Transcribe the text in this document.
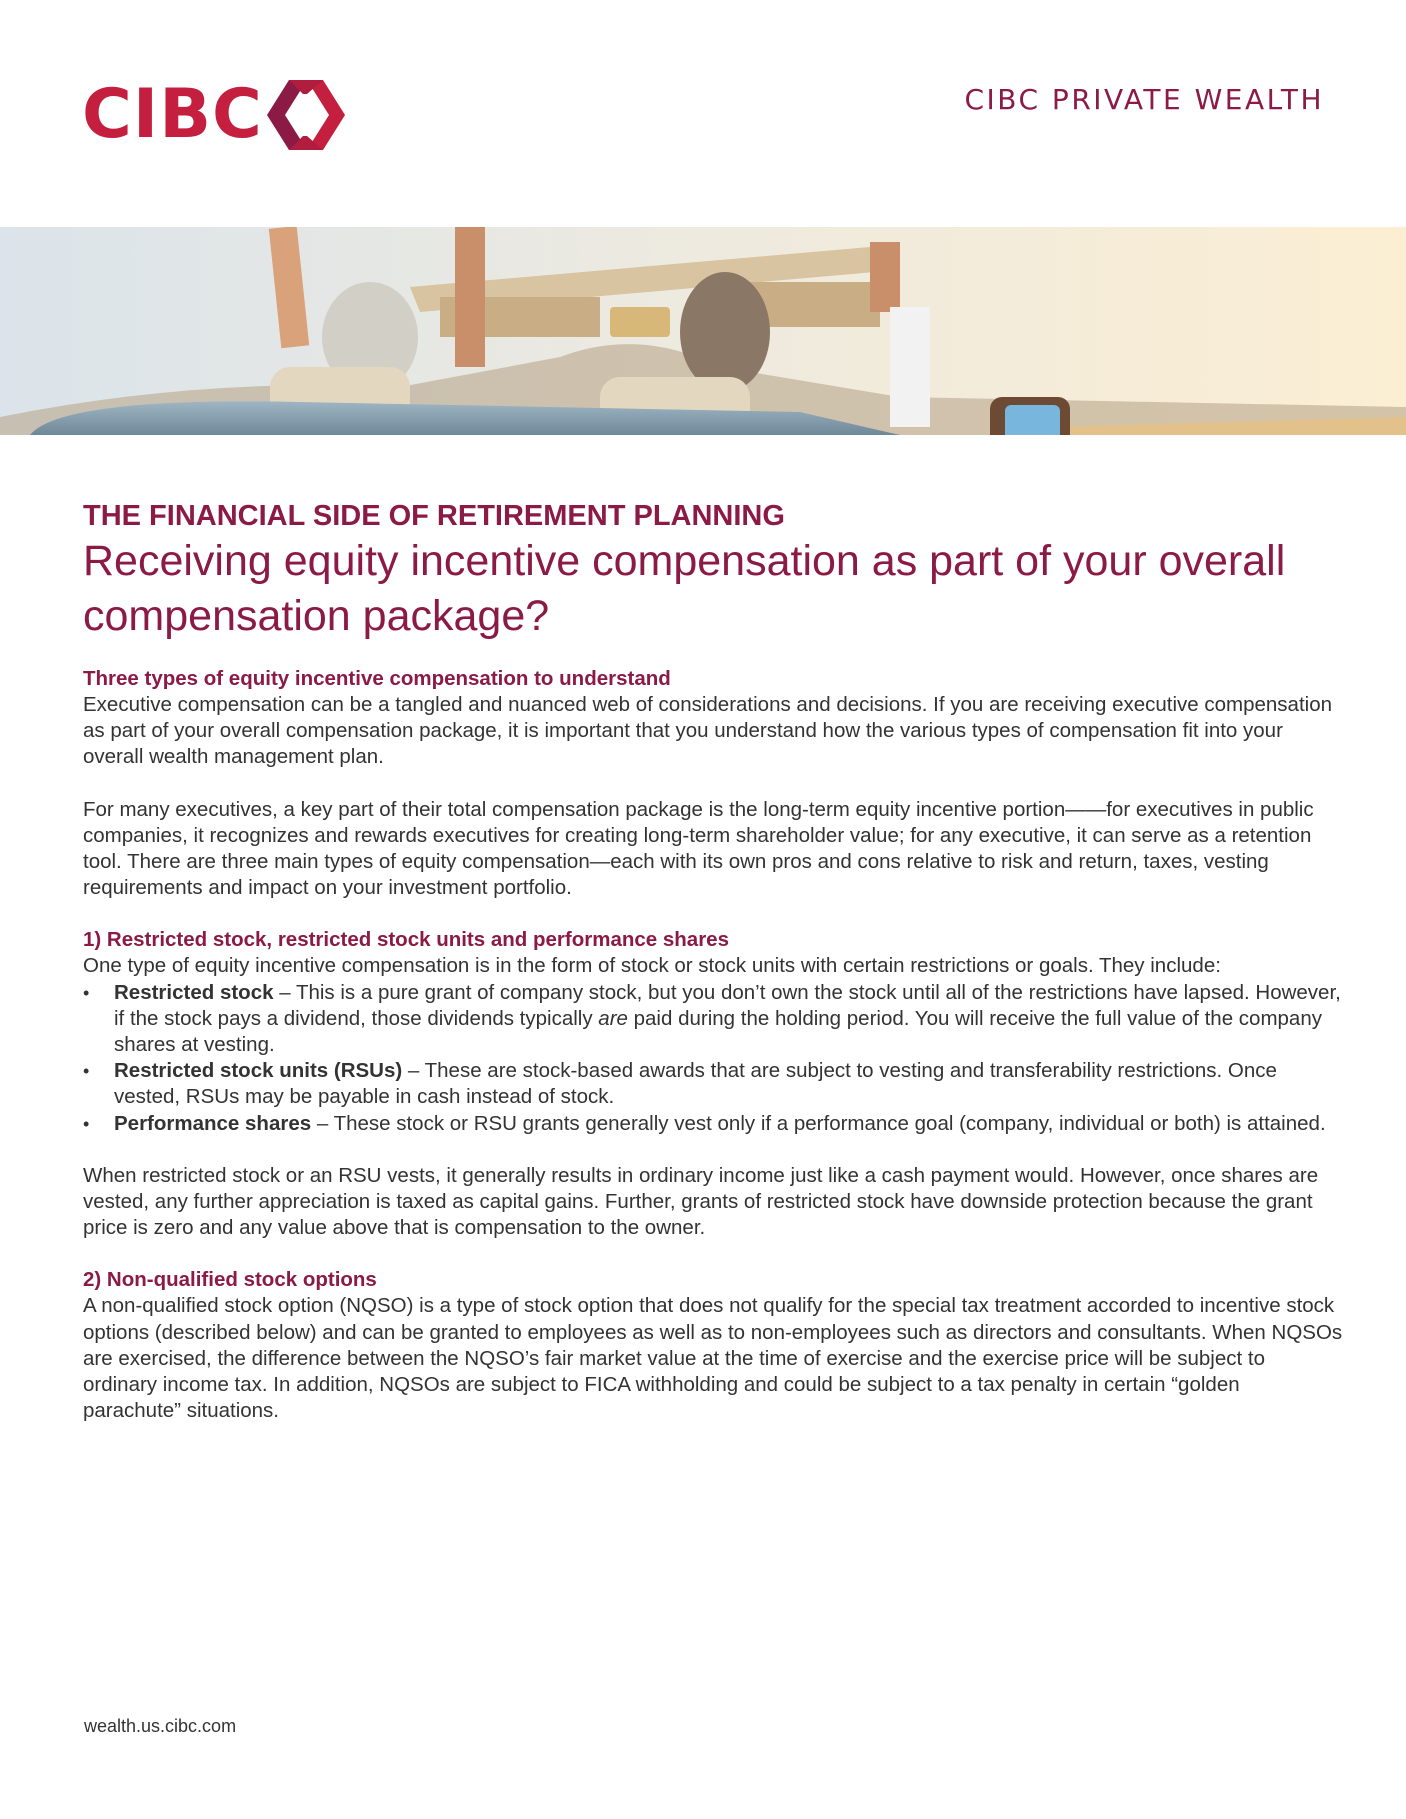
CIBC	CIBC PRIVATE WEALTH
THE FINANCIAL SIDE OF RETIREMENT PLANNING
Receiving equity incentive compensation as part of your overall compensation package?
Three types of equity incentive compensation to understand

Executive compensation can be a tangled and nuanced web of considerations and decisions. If you are receiving executive compensation as part of your overall compensation package, it is important that you understand how the various types of compensation fit into your overall wealth management plan.

For many executives, a key part of their total compensation package is the long-term equity incentive portion——for executives in public companies, it recognizes and rewards executives for creating long-term shareholder value; for any executive, it can serve as a retention tool. There are three main types of equity compensation—each with its own pros and cons relative to risk and return, taxes, vesting requirements and impact on your investment portfolio.

1) Restricted stock, restricted stock units and performance shares

One type of equity incentive compensation is in the form of stock or stock units with certain restrictions or goals. They include:

• Restricted stock – This is a pure grant of company stock, but you don’t own the stock until all of the restrictions have lapsed. However, if the stock pays a dividend, those dividends typically are paid during the holding period. You will receive the full value of the company shares at vesting.
• Restricted stock units (RSUs) – These are stock-based awards that are subject to vesting and transferability restrictions. Once vested, RSUs may be payable in cash instead of stock.
• Performance shares – These stock or RSU grants generally vest only if a performance goal (company, individual or both) is attained.

When restricted stock or an RSU vests, it generally results in ordinary income just like a cash payment would. However, once shares are vested, any further appreciation is taxed as capital gains. Further, grants of restricted stock have downside protection because the grant price is zero and any value above that is compensation to the owner.

2) Non-qualified stock options

A non-qualified stock option (NQSO) is a type of stock option that does not qualify for the special tax treatment accorded to incentive stock options (described below) and can be granted to employees as well as to non-employees such as directors and consultants. When NQSOs are exercised, the difference between the NQSO’s fair market value at the time of exercise and the exercise price will be subject to ordinary income tax. In addition, NQSOs are subject to FICA withholding and could be subject to a tax penalty in certain “golden parachute” situations.

wealth.us.cibc.com
